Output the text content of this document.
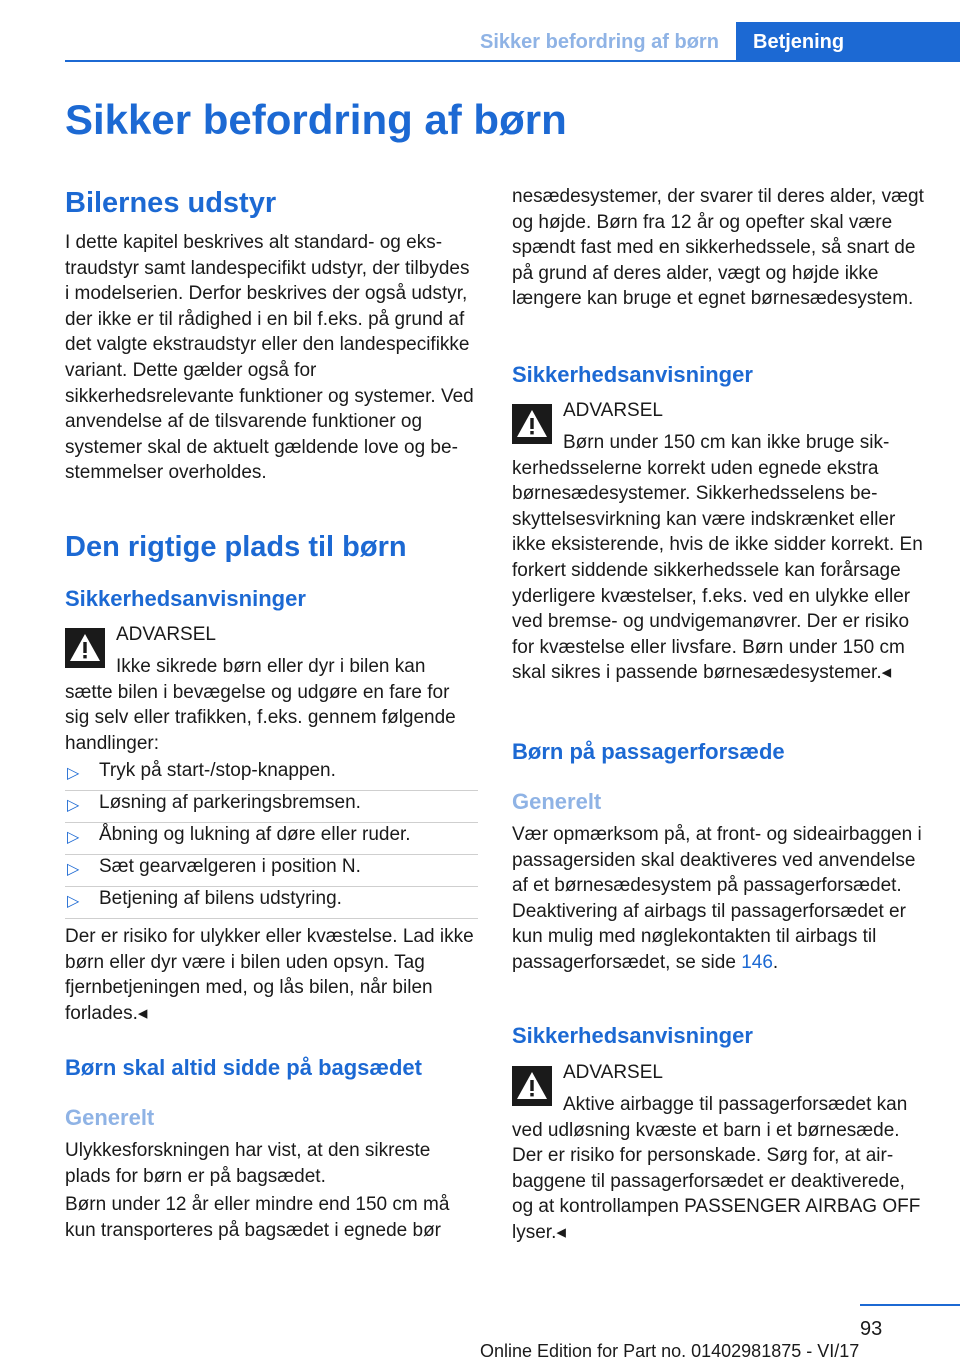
Sikker befordring af børn Betjening
Sikker befordring af børn
Bilernes udstyr

I dette kapitel beskrives alt standard- og ekstraudstyr samt landespecifikt udstyr, der tilbydes i modelserien. Derfor beskrives der også udstyr, der ikke er til rådighed i en bil f.eks. på grund af det valgte ekstraudstyr eller den landespecifikke variant. Dette gælder også for sikkerhedsrelevante funktioner og systemer. Ved anvendelse af de tilsvarende funktioner og systemer skal de aktuelt gældende love og bestemmelser overholdes.

Den rigtige plads til børn
Sikkerhedsanvisninger
ADVARSEL

Ikke sikrede børn eller dyr i bilen kan sætte bilen i bevægelse og udgøre en fare for sig selv eller trafikken, f.eks. gennem følgende handlinger:

▷ Tryk på start-/stop-knappen.
▷ Løsning af parkeringsbremsen.
▷ Åbning og lukning af døre eller ruder.
▷ Sæt gearvælgeren i position N.
▷ Betjening af bilens udstyring.

Der er risiko for ulykker eller kvæstelse. Lad ikke børn eller dyr være i bilen uden opsyn. Tag fjernbetjeningen med, og lås bilen, når bilen forlades.◂

Børn skal altid sidde på bagsædet
Generelt

Ulykkesforskningen har vist, at den sikreste plads for børn er på bagsædet.

Børn under 12 år eller mindre end 150 cm må kun transporteres på bagsædet i egnede bør

nesædesystemer, der svarer til deres alder, vægt og højde. Børn fra 12 år og opefter skal være spændt fast med en sikkerhedssele, så snart de på grund af deres alder, vægt og højde ikke længere kan bruge et egnet børnesædesystem.

Sikkerhedsanvisninger
ADVARSEL

Børn under 150 cm kan ikke bruge sikkerhedsselerne korrekt uden egnede ekstra børnesædesystemer. Sikkerhedsselens beskyttelsesvirkning kan være indskrænket eller ikke eksisterende, hvis de ikke sidder korrekt. En forkert siddende sikkerhedssele kan forårsage yderligere kvæstelser, f.eks. ved en ulykke eller ved bremse- og undvigemanøvrer. Der er risiko for kvæstelse eller livsfare. Børn under 150 cm skal sikres i passende børnesædesystemer.◂

Børn på passagerforsæde
Generelt

Vær opmærksom på, at front- og sideairbaggen i passagersiden skal deaktiveres ved anvendelse af et børnesædesystem på passagerforsædet. Deaktivering af airbags til passagerforsædet er kun mulig med nøglekontakten til airbags til passagerforsædet, se side 146.

Sikkerhedsanvisninger
ADVARSEL

Aktive airbagge til passagerforsædet kan ved udløsning kvæste et barn i et børnesæde. Der er risiko for personskade. Sørg for, at airbaggene til passagerforsædet er deaktiverede, og at kontrollampen PASSENGER AIRBAG OFF lyser.◂

93
Online Edition for Part no. 01402981875 - VI/17
